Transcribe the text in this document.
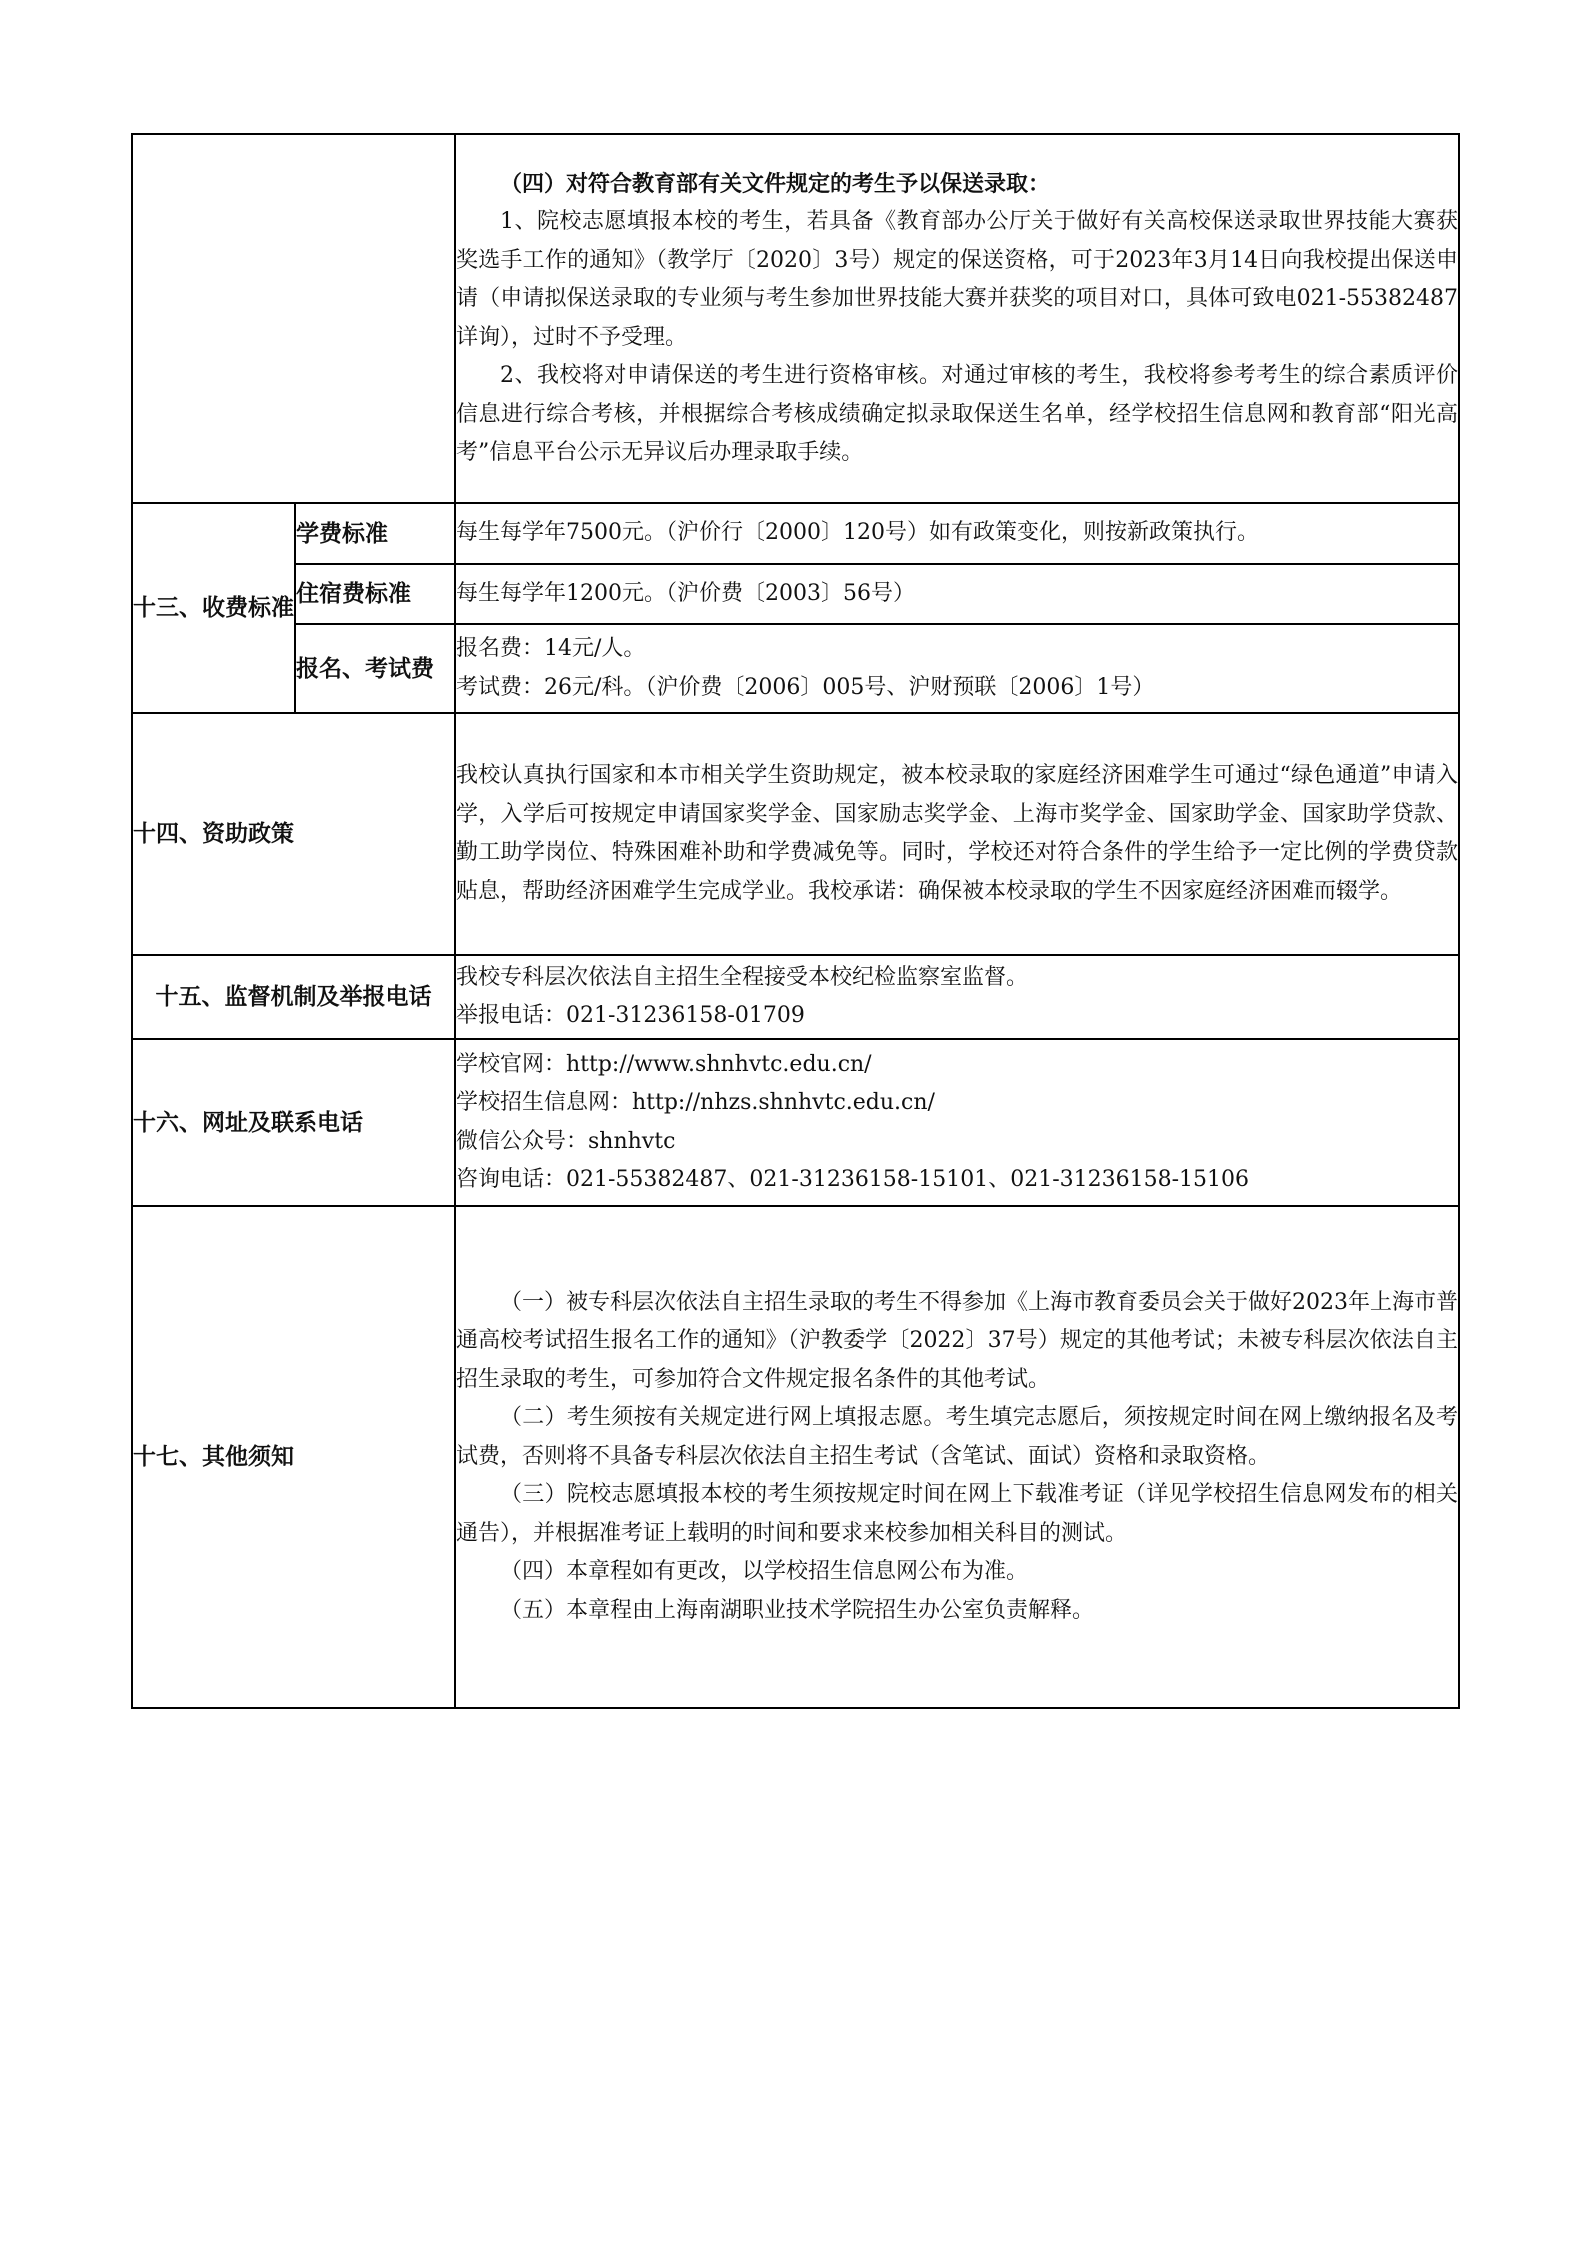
		（四）对符合教育部有关文件规定的考生予以保送录取：

1、院校志愿填报本校的考生，若具备《教育部办公厅关于做好有关高校保送录取世界技能大赛获奖选手工作的通知》（教学厅〔2020〕3号）规定的保送资格，可于2023年3月14日向我校提出保送申请（申请拟保送录取的专业须与考生参加世界技能大赛并获奖的项目对口，具体可致电021-55382487详询），过时不予受理。

2、我校将对申请保送的考生进行资格审核。对通过审核的考生，我校将参考考生的综合素质评价信息进行综合考核，并根据综合考核成绩确定拟录取保送生名单，经学校招生信息网和教育部“阳光高考”信息平台公示无异议后办理录取手续。

十三、收费标准	学费标准	每生每学年7500元。（沪价行〔2000〕120号）如有政策变化，则按新政策执行。

	住宿费标准	每生每学年1200元。（沪价费〔2003〕56号）

	报名、考试费	报名费：14元/人。

考试费：26元/科。（沪价费〔2006〕005号、沪财预联〔2006〕1号）

十四、资助政策		我校认真执行国家和本市相关学生资助规定，被本校录取的家庭经济困难学生可通过“绿色通道”申请入学，入学后可按规定申请国家奖学金、国家励志奖学金、上海市奖学金、国家助学金、国家助学贷款、勤工助学岗位、特殊困难补助和学费减免等。同时，学校还对符合条件的学生给予一定比例的学费贷款贴息，帮助经济困难学生完成学业。我校承诺：确保被本校录取的学生不因家庭经济困难而辍学。

十五、监督机制及举报电话		我校专科层次依法自主招生全程接受本校纪检监察室监督。

举报电话：021-31236158-01709

十六、网址及联系电话		学校官网：http://www.shnhvtc.edu.cn/

学校招生信息网：http://nhzs.shnhvtc.edu.cn/

微信公众号：shnhvtc

咨询电话：021-55382487、021-31236158-15101、021-31236158-15106

十七、其他须知		（一）被专科层次依法自主招生录取的考生不得参加《上海市教育委员会关于做好2023年上海市普通高校考试招生报名工作的通知》（沪教委学〔2022〕37号）规定的其他考试；未被专科层次依法自主招生录取的考生，可参加符合文件规定报名条件的其他考试。

（二）考生须按有关规定进行网上填报志愿。考生填完志愿后，须按规定时间在网上缴纳报名及考试费，否则将不具备专科层次依法自主招生考试（含笔试、面试）资格和录取资格。

（三）院校志愿填报本校的考生须按规定时间在网上下载准考证（详见学校招生信息网发布的相关通告），并根据准考证上载明的时间和要求来校参加相关科目的测试。

（四）本章程如有更改，以学校招生信息网公布为准。

（五）本章程由上海南湖职业技术学院招生办公室负责解释。
